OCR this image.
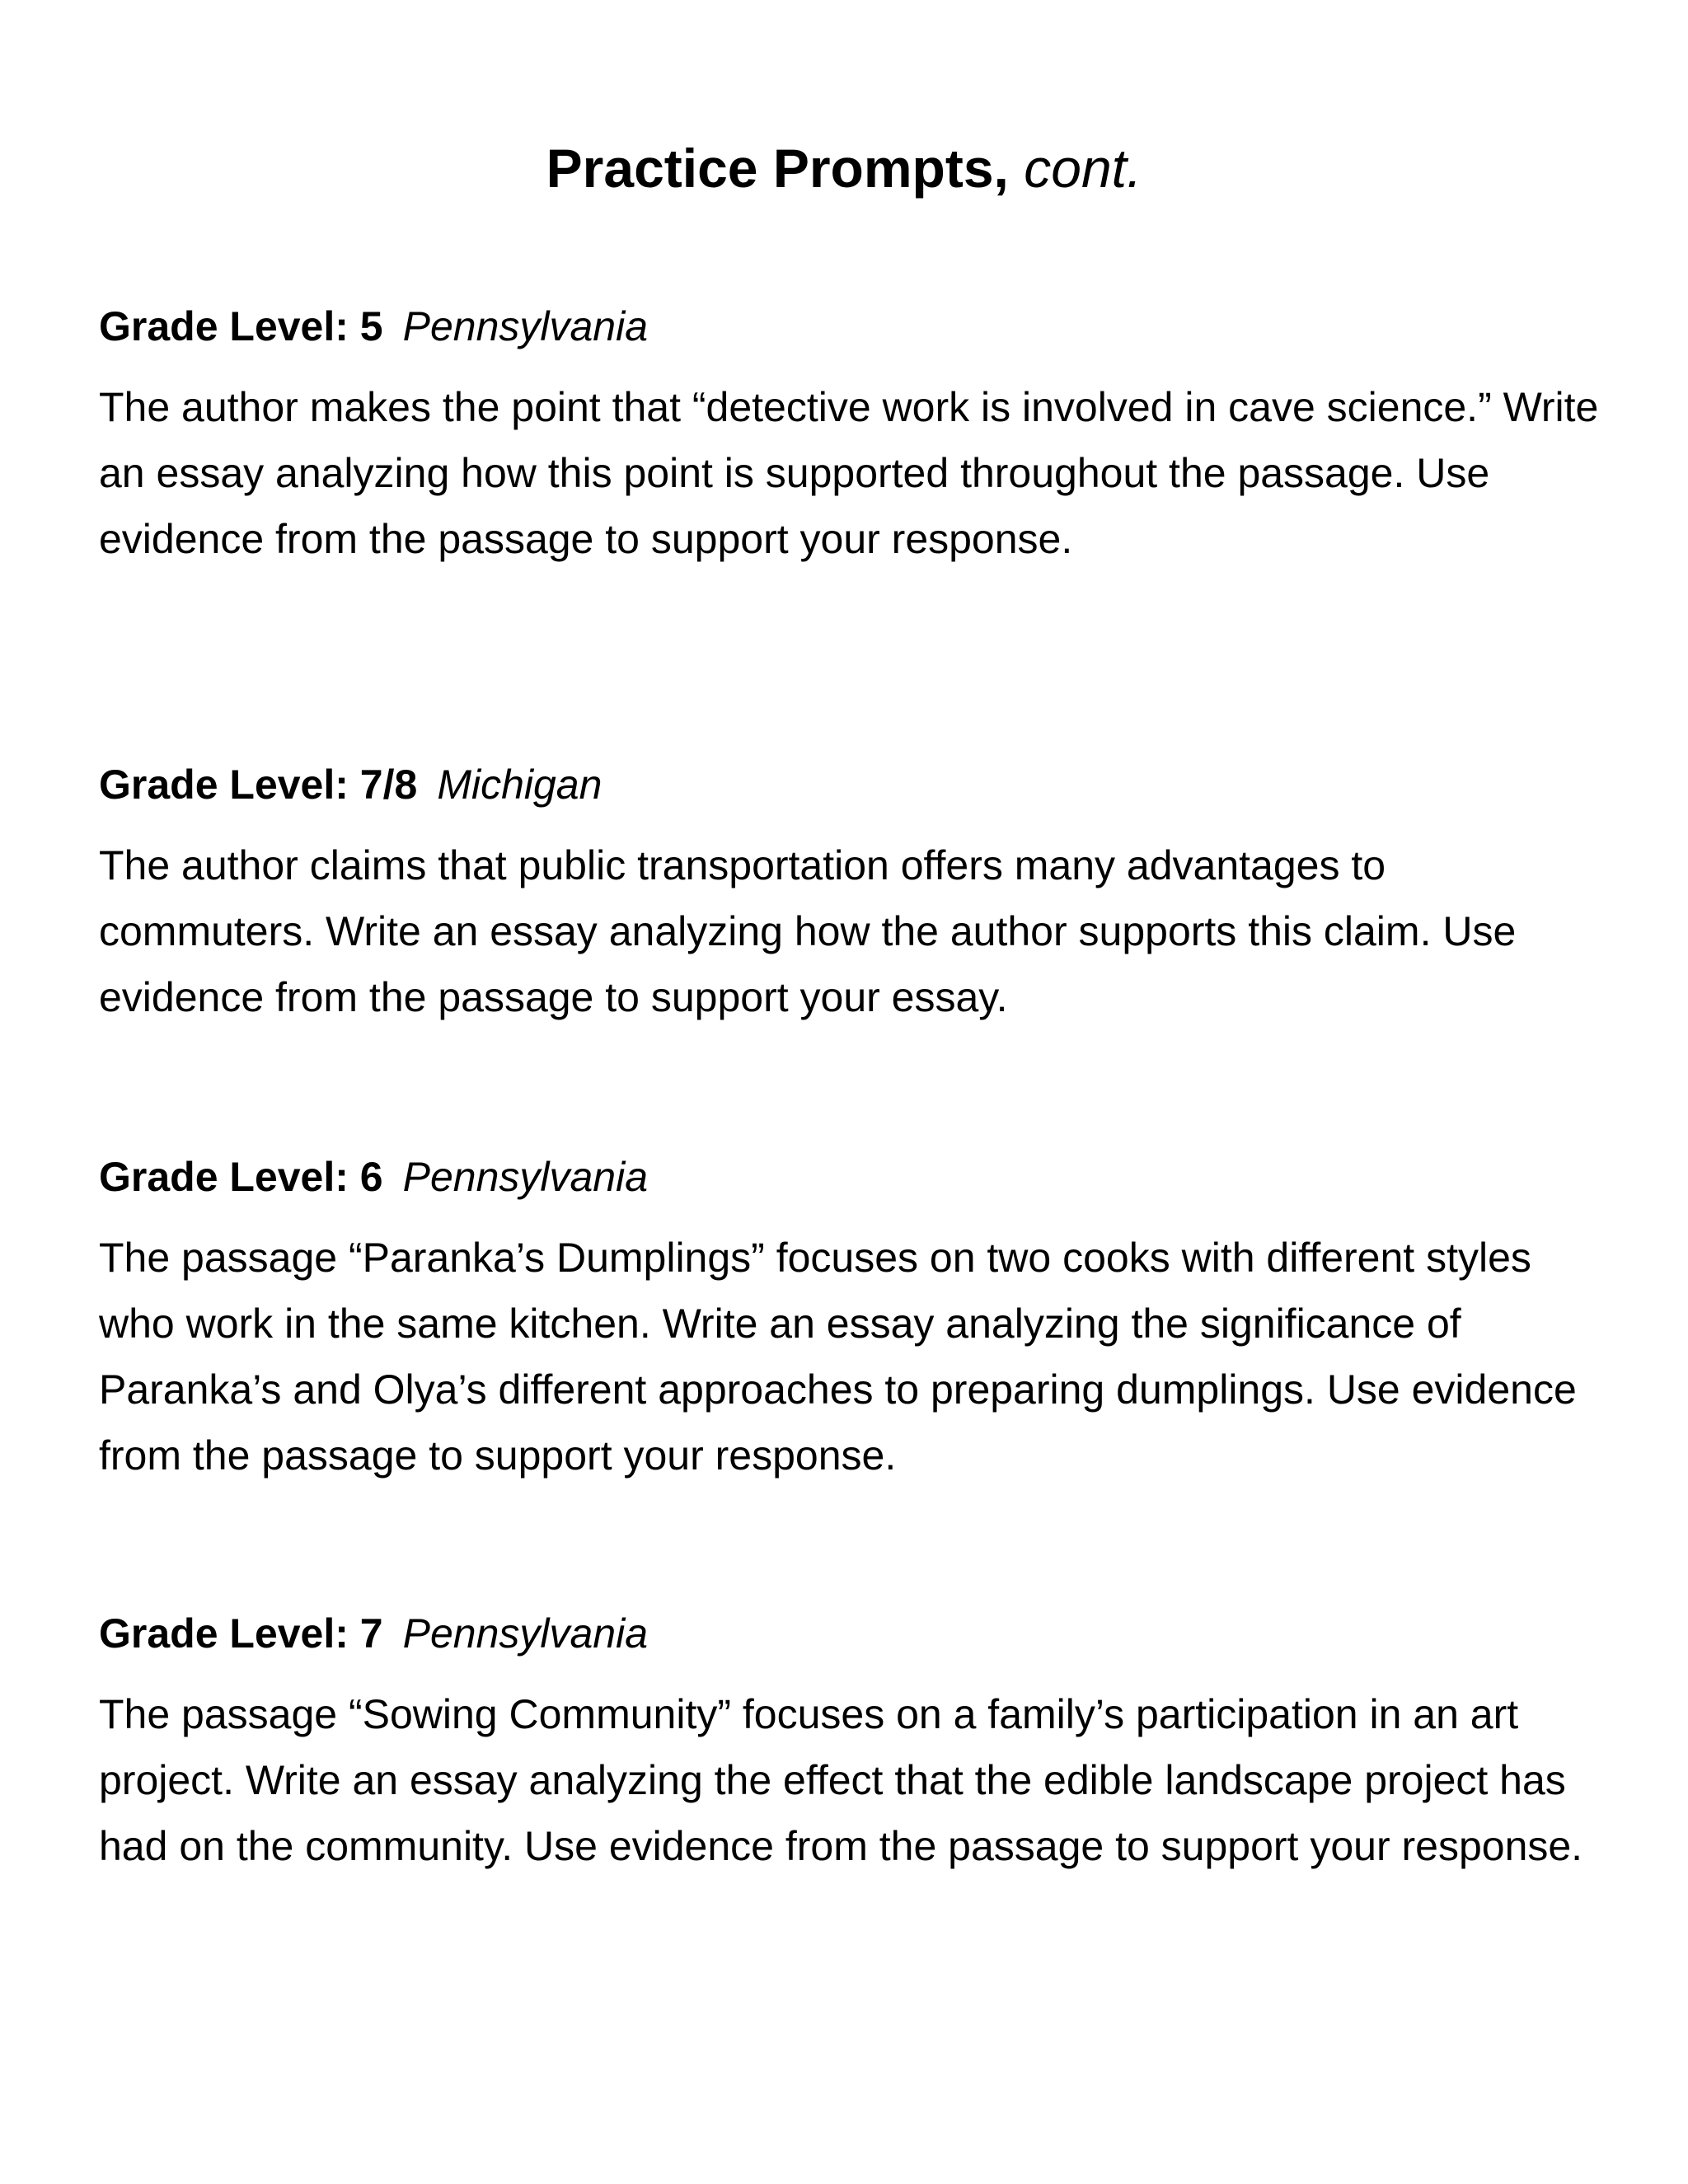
Practice Prompts, cont.

Grade Level: 5 Pennsylvania

The author makes the point that “detective work is involved in cave science.” Write an essay analyzing how this point is supported throughout the passage. Use evidence from the passage to support your response.

Grade Level: 7/8 Michigan

The author claims that public transportation offers many advantages to commuters. Write an essay analyzing how the author supports this claim. Use evidence from the passage to support your essay.

Grade Level: 6 Pennsylvania

The passage “Paranka’s Dumplings” focuses on two cooks with different styles who work in the same kitchen. Write an essay analyzing the significance of Paranka’s and Olya’s different approaches to preparing dumplings. Use evidence from the passage to support your response.

Grade Level: 7 Pennsylvania

The passage “Sowing Community” focuses on a family’s participation in an art project. Write an essay analyzing the effect that the edible landscape project has had on the community. Use evidence from the passage to support your response.
